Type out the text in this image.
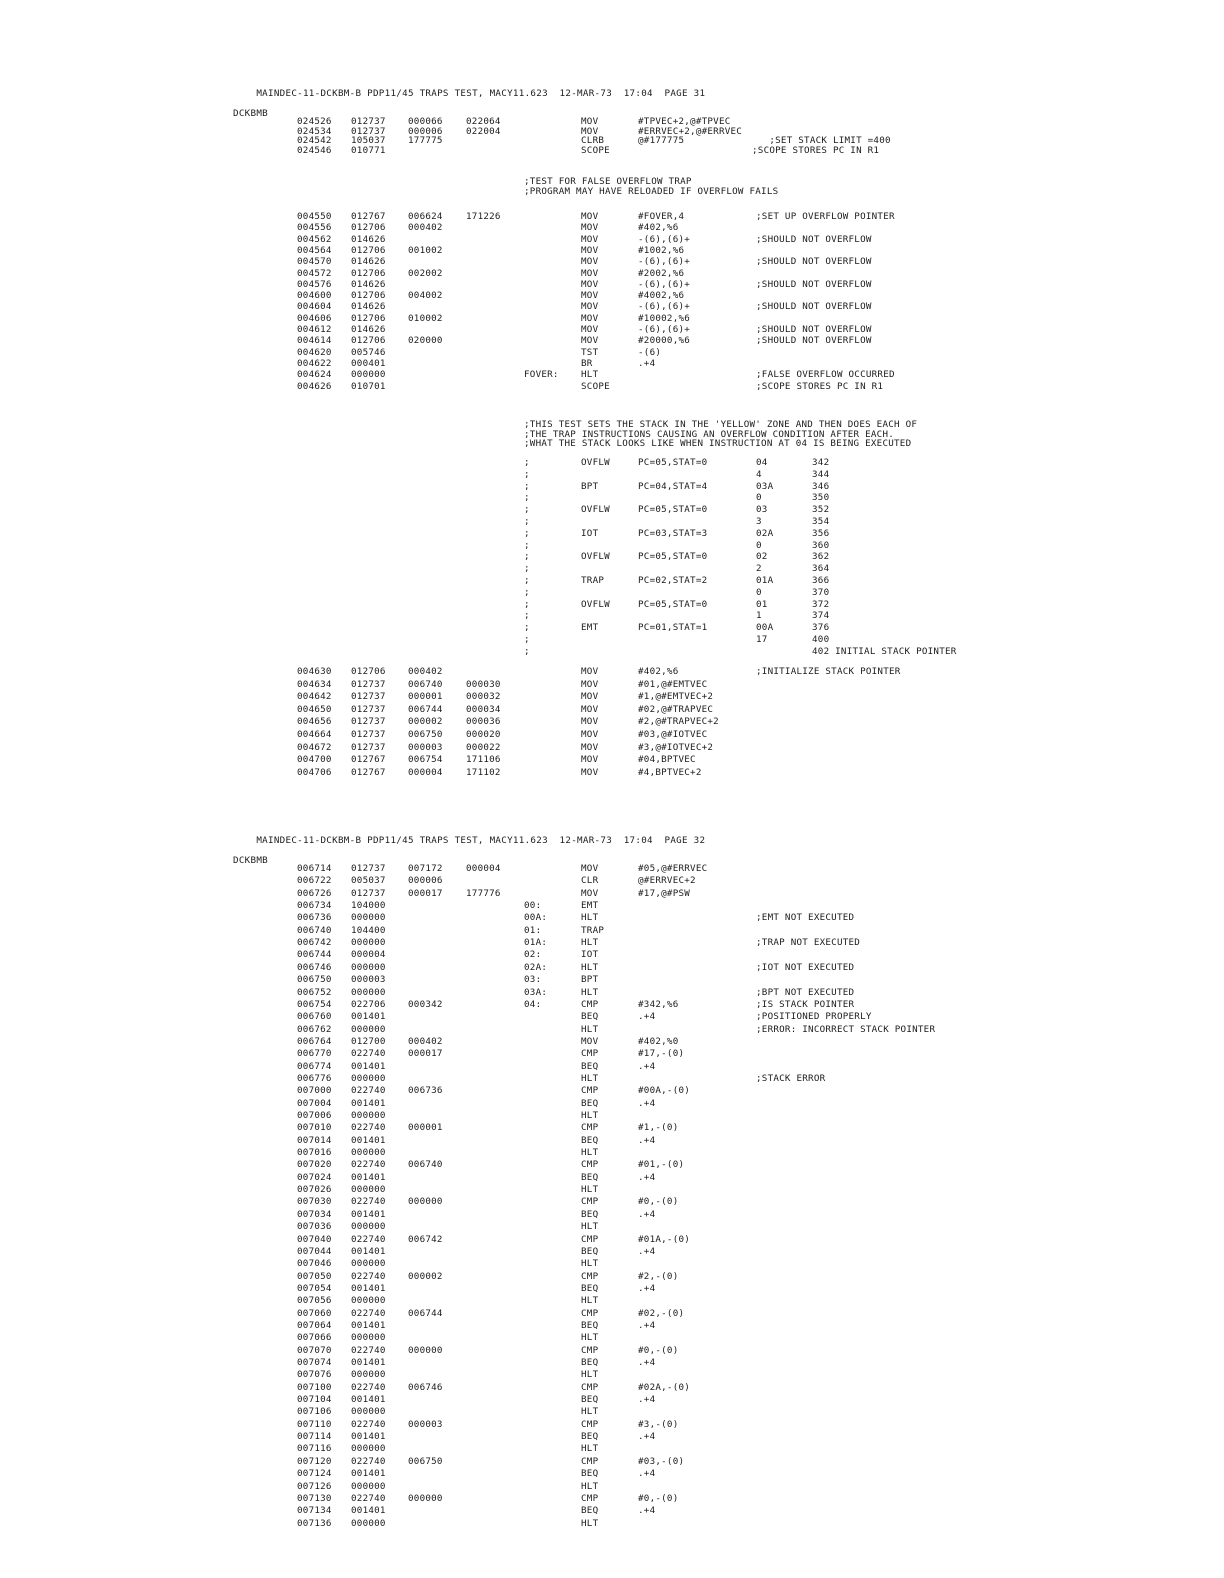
MAINDEC-11-DCKBM-B PDP11/45 TRAPS TEST, MACY11.623  12-MAR-73  17:04  PAGE 31

DCKBMB

024526 012737 000066	022064	MOV	#TPVEC+2,@#TPVEC
024534 012737 000006	022004	MOV	#ERRVEC+2,@#ERRVEC
024542 105037 177775	CLRB	@#177775	;SET STACK LIMIT =400
024546 010771	SCOPE	;SCOPE STORES PC IN R1
;TEST FOR FALSE OVERFLOW TRAP
;PROGRAM MAY HAVE RELOADED IF OVERFLOW FAILS
004550 012767 006624	171226	MOV	#FOVER,4	;SET UP OVERFLOW POINTER
004556 012706 000402	MOV	#402,%6
004562 014626	MOV	-(6),(6)+	;SHOULD NOT OVERFLOW
004564 012706 001002	MOV	#1002,%6
004570 014626	MOV	-(6),(6)+	;SHOULD NOT OVERFLOW
004572 012706 002002	MOV	#2002,%6
004576 014626	MOV	-(6),(6)+	;SHOULD NOT OVERFLOW
004600 012706 004002	MOV	#4002,%6
004604 014626	MOV	-(6),(6)+	;SHOULD NOT OVERFLOW
004606 012706 010002	MOV	#10002,%6
004612 014626	MOV	-(6),(6)+	;SHOULD NOT OVERFLOW
004614 012706 020000	MOV	#20000,%6	;SHOULD NOT OVERFLOW
004620 005746	TST	-(6)
004622 000401	BR	.+4
004624 000000	FOVER: HLT	;FALSE OVERFLOW OCCURRED
004626 010701	SCOPE	;SCOPE STORES PC IN R1
;THIS TEST SETS THE STACK IN THE 'YELLOW' ZONE AND THEN DOES EACH OF
;THE TRAP INSTRUCTIONS CAUSING AN OVERFLOW CONDITION AFTER EACH.
;WHAT THE STACK LOOKS LIKE WHEN INSTRUCTION AT 04 IS BEING EXECUTED
;	OVFLW	PC=05,STAT=0	04	342
;	4	344
;	BPT	PC=04,STAT=4	03A	346
;	0	350
;	OVFLW	PC=05,STAT=0	03	352
;	3	354
;	IOT	PC=03,STAT=3	02A	356
;	0	360
;	OVFLW	PC=05,STAT=0	02	362
;	2	364
;	TRAP	PC=02,STAT=2	01A	366
;	0	370
;	OVFLW	PC=05,STAT=0	01	372
;	1	374
;	EMT	PC=01,STAT=1	00A	376
;	17	400
;	402 INITIAL STACK POINTER
004630 012706 000402	MOV	#402,%6	;INITIALIZE STACK POINTER
004634 012737 006740	000030	MOV	#01,@#EMTVEC
004642 012737 000001	000032	MOV	#1,@#EMTVEC+2
004650 012737 006744	000034	MOV	#02,@#TRAPVEC
004656 012737 000002	000036	MOV	#2,@#TRAPVEC+2
004664 012737 006750	000020	MOV	#03,@#IOTVEC
004672 012737 000003	000022	MOV	#3,@#IOTVEC+2
004700 012767 006754	171106	MOV	#04,BPTVEC
004706 012767 000004	171102	MOV	#4,BPTVEC+2

MAINDEC-11-DCKBM-B PDP11/45 TRAPS TEST, MACY11.623  12-MAR-73  17:04  PAGE 32

DCKBMB

006714 012737 007172	000004	MOV	#05,@#ERRVEC
006722 005037 000006	CLR	@#ERRVEC+2
006726 012737 000017	177776	MOV	#17,@#PSW
006734 104000	00:	EMT
006736 000000	00A:	HLT	;EMT NOT EXECUTED
006740 104400	01:	TRAP
006742 000000	01A:	HLT	;TRAP NOT EXECUTED
006744 000004	02:	IOT
006746 000000	02A:	HLT	;IOT NOT EXECUTED
006750 000003	03:	BPT
006752 000000	03A:	HLT	;BPT NOT EXECUTED
006754 022706 000342	04:	CMP	#342,%6	;IS STACK POINTER
006760 001401	BEQ	.+4	;POSITIONED PROPERLY
006762 000000	HLT	;ERROR: INCORRECT STACK POINTER
006764 012700 000402	MOV	#402,%0
006770 022740 000017	CMP	#17,-(0)
006774 001401	BEQ	.+4
006776 000000	HLT	;STACK ERROR
007000 022740 006736	CMP	#00A,-(0)
007004 001401	BEQ	.+4
007006 000000	HLT
007010 022740 000001	CMP	#1,-(0)
007014 001401	BEQ	.+4
007016 000000	HLT
007020 022740 006740	CMP	#01,-(0)
007024 001401	BEQ	.+4
007026 000000	HLT
007030 022740 000000	CMP	#0,-(0)
007034 001401	BEQ	.+4
007036 000000	HLT
007040 022740 006742	CMP	#01A,-(0)
007044 001401	BEQ	.+4
007046 000000	HLT
007050 022740 000002	CMP	#2,-(0)
007054 001401	BEQ	.+4
007056 000000	HLT
007060 022740 006744	CMP	#02,-(0)
007064 001401	BEQ	.+4
007066 000000	HLT
007070 022740 000000	CMP	#0,-(0)
007074 001401	BEQ	.+4
007076 000000	HLT
007100 022740 006746	CMP	#02A,-(0)
007104 001401	BEQ	.+4
007106 000000	HLT
007110 022740 000003	CMP	#3,-(0)
007114 001401	BEQ	.+4
007116 000000	HLT
007120 022740 006750	CMP	#03,-(0)
007124 001401	BEQ	.+4
007126 000000	HLT
007130 022740 000000	CMP	#0,-(0)
007134 001401	BEQ	.+4
007136 000000	HLT
